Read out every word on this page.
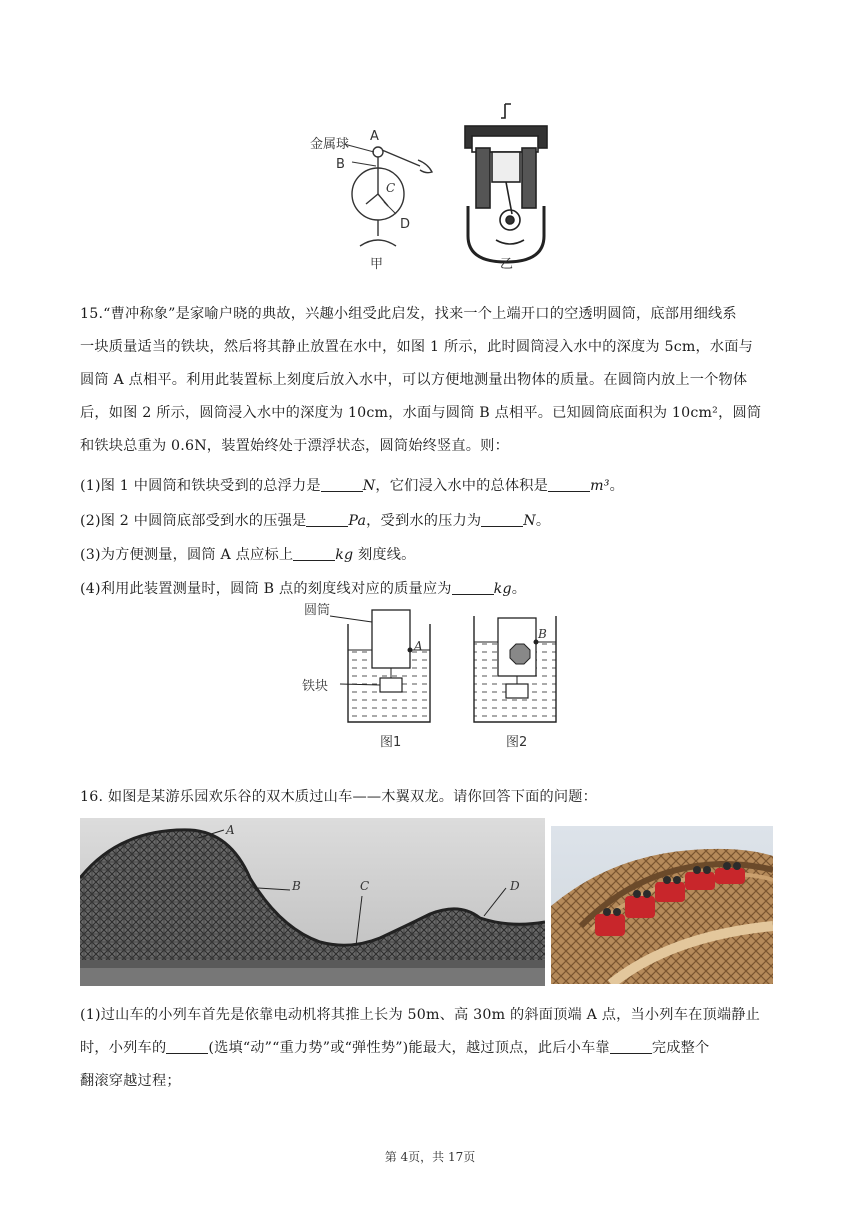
金属球
A
B
C
D
甲	乙
15.“曹冲称象”是家喻户晓的典故，兴趣小组受此启发，找来一个上端开口的空透明圆筒，底部用细线系
一块质量适当的铁块，然后将其静止放置在水中，如图 1 所示，此时圆筒浸入水中的深度为 5cm，水面与
圆筒 A 点相平。利用此装置标上刻度后放入水中，可以方便地测量出物体的质量。在圆筒内放上一个物体
后，如图 2 所示，圆筒浸入水中的深度为 10cm，水面与圆筒 B 点相平。已知圆筒底面积为 10cm²，圆筒
和铁块总重为 0.6N，装置始终处于漂浮状态，圆筒始终竖直。则：
(1)图 1 中圆筒和铁块受到的总浮力是	N，它们浸入水中的总体积是	m³。
(2)图 2 中圆筒底部受到水的压强是	Pa，受到水的压力为	N。
(3)为方便测量，圆筒 A 点应标上	kg 刻度线。
(4)利用此装置测量时，圆筒 B 点的刻度线对应的质量应为	kg。
圆筒
铁块
A
图1
B
图2
16. 如图是某游乐园欢乐谷的双木质过山车——木翼双龙。请你回答下面的问题：
A
B	C	D
(1)过山车的小列车首先是依靠电动机将其推上长为 50m、高 30m 的斜面顶端 A 点，当小列车在顶端静止
时，小列车的	(选填“动”“重力势”或“弹性势”)能最大，越过顶点，此后小车靠	完成整个
翻滚穿越过程；
第 4页，共 17页
